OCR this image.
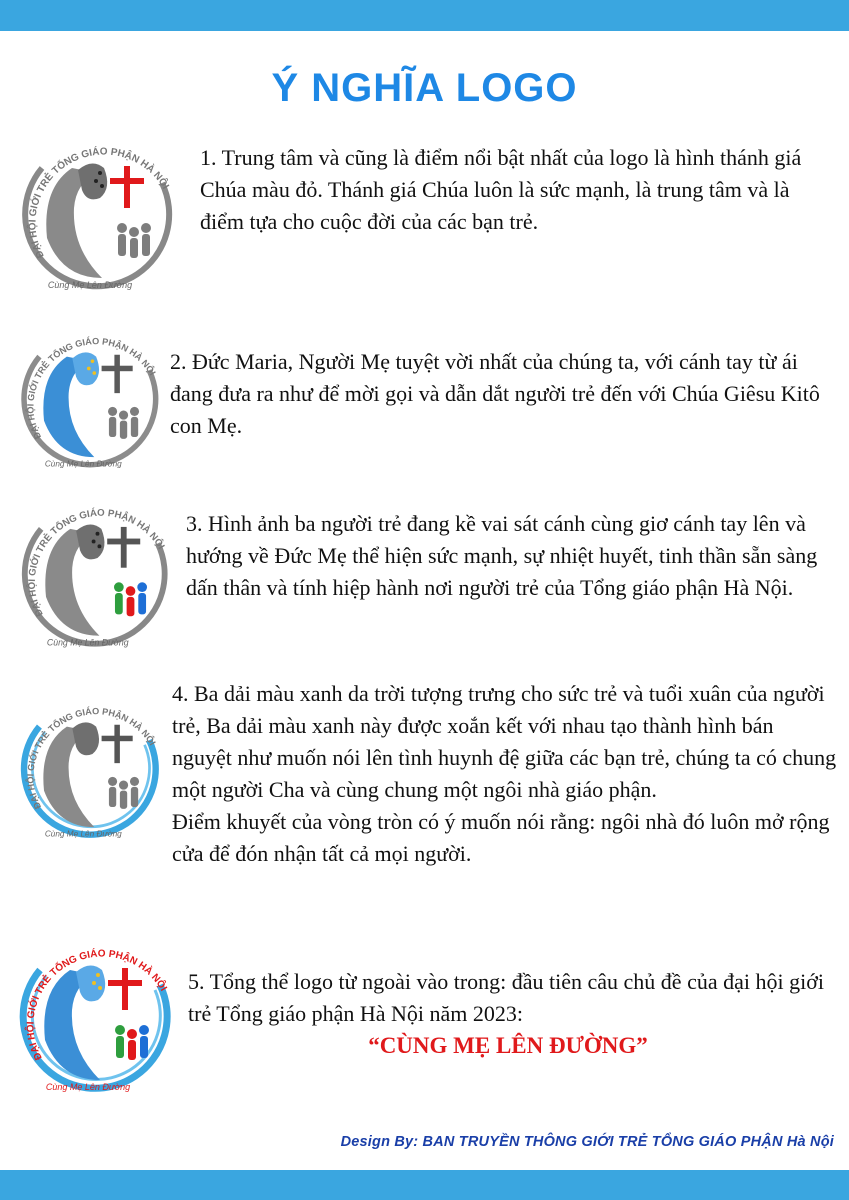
Ý NGHĨA LOGO
ĐẠI HỘI GIỚI TRẺ TỔNG GIÁO PHẬN HÀ NỘI 2023
Cùng Mẹ Lên Đường
ĐẠI HỘI GIỚI TRẺ TỔNG GIÁO PHẬN HÀ NỘI 2023
Cùng Mẹ Lên Đường
ĐẠI HỘI GIỚI TRẺ TỔNG GIÁO PHẬN HÀ NỘI 2023
Cùng Mẹ Lên Đường
ĐẠI HỘI GIỚI TRẺ TỔNG GIÁO PHẬN HÀ NỘI 2023
Cùng Mẹ Lên Đường
ĐẠI HỘI GIỚI TRẺ TỔNG GIÁO PHẬN HÀ NỘI 2023
Cùng Mẹ Lên Đường

1. Trung tâm và cũng là điểm nổi bật nhất của logo là hình thánh giá Chúa màu đỏ. Thánh giá Chúa luôn là sức mạnh, là trung tâm và là điểm tựa cho cuộc đời của các bạn trẻ.

2. Đức Maria, Người Mẹ tuyệt vời nhất của chúng ta, với cánh tay từ ái đang đưa ra như để mời gọi và dẫn dắt người trẻ đến với Chúa Giêsu Kitô con Mẹ.

3. Hình ảnh ba người trẻ đang kề vai sát cánh cùng giơ cánh tay lên và hướng về Đức Mẹ thể hiện sức mạnh, sự nhiệt huyết, tinh thần sẵn sàng dấn thân và tính hiệp hành nơi người trẻ của Tổng giáo phận Hà Nội.

4. Ba dải màu xanh da trời tượng trưng cho sức trẻ và tuổi xuân của người trẻ, Ba dải màu xanh này được xoắn kết với nhau tạo thành hình bán nguyệt như muốn nói lên tình huynh đệ giữa các bạn trẻ, chúng ta có chung một người Cha và cùng chung một ngôi nhà giáo phận.

Điểm khuyết của vòng tròn có ý muốn nói rằng: ngôi nhà đó luôn mở rộng cửa để đón nhận tất cả mọi người.

5. Tổng thể logo từ ngoài vào trong: đầu tiên câu chủ đề của đại hội giới trẻ Tổng giáo phận Hà Nội năm 2023:

“CÙNG MẸ LÊN ĐƯỜNG”
Design By: BAN TRUYỀN THÔNG GIỚI TRẺ TỔNG GIÁO PHẬN Hà Nội
